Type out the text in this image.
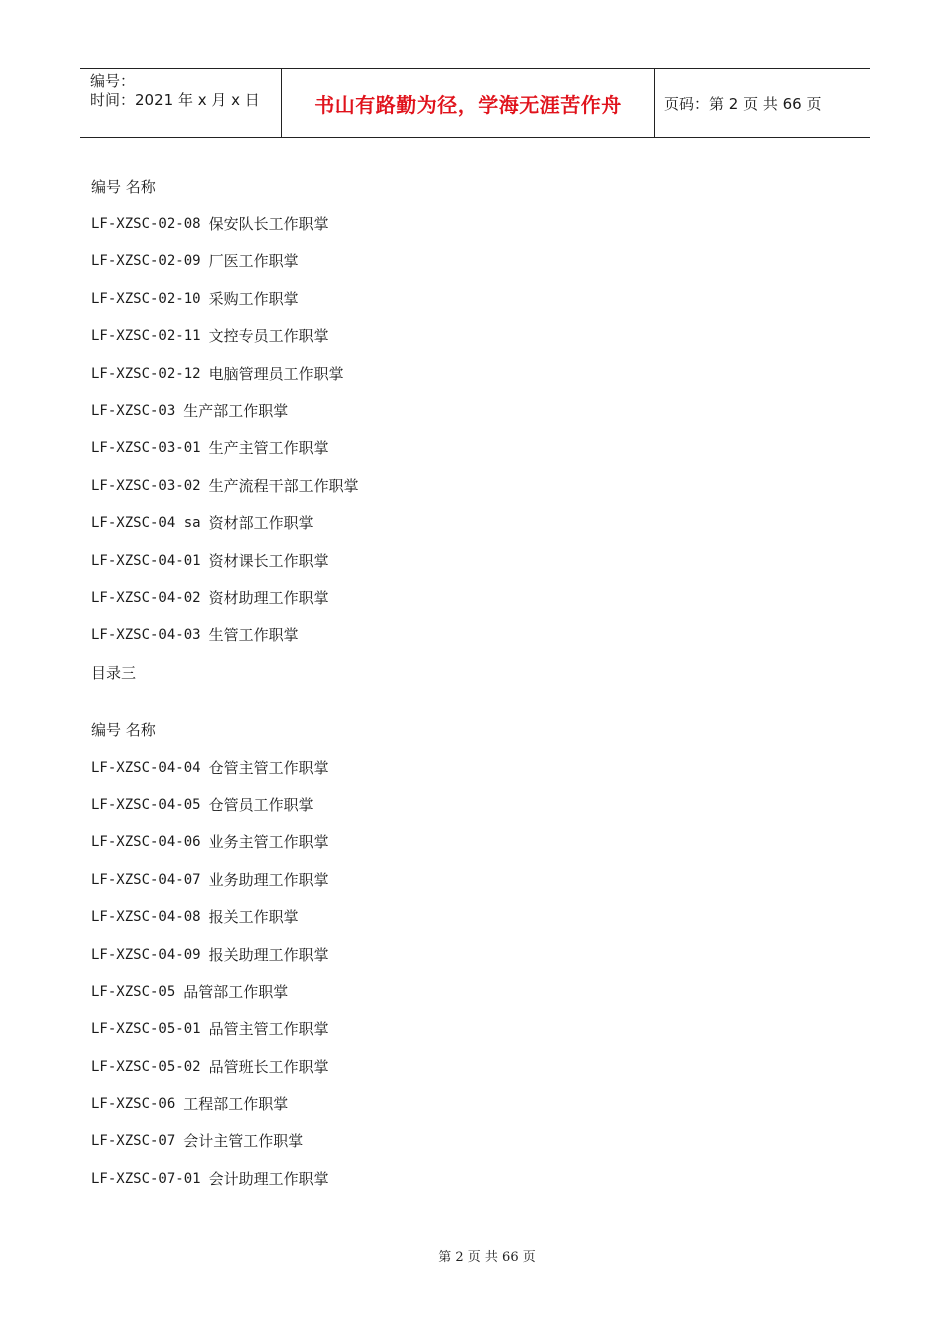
编号：
时间：2021 年 x 月 x 日	书山有路勤为径，学海无涯苦作舟	页码：第 2 页 共 66 页
编号 名称
LF-XZSC-02-08 保安队长工作职掌
LF-XZSC-02-09 厂医工作职掌
LF-XZSC-02-10 采购工作职掌
LF-XZSC-02-11 文控专员工作职掌
LF-XZSC-02-12 电脑管理员工作职掌
LF-XZSC-03 生产部工作职掌
LF-XZSC-03-01 生产主管工作职掌
LF-XZSC-03-02 生产流程干部工作职掌
LF-XZSC-04 sa 资材部工作职掌
LF-XZSC-04-01 资材课长工作职掌
LF-XZSC-04-02 资材助理工作职掌
LF-XZSC-04-03 生管工作职掌
目录三
编号 名称
LF-XZSC-04-04 仓管主管工作职掌
LF-XZSC-04-05 仓管员工作职掌
LF-XZSC-04-06 业务主管工作职掌
LF-XZSC-04-07 业务助理工作职掌
LF-XZSC-04-08 报关工作职掌
LF-XZSC-04-09 报关助理工作职掌
LF-XZSC-05 品管部工作职掌
LF-XZSC-05-01 品管主管工作职掌
LF-XZSC-05-02 品管班长工作职掌
LF-XZSC-06 工程部工作职掌
LF-XZSC-07 会计主管工作职掌
LF-XZSC-07-01 会计助理工作职掌
第 2 页 共 66 页
